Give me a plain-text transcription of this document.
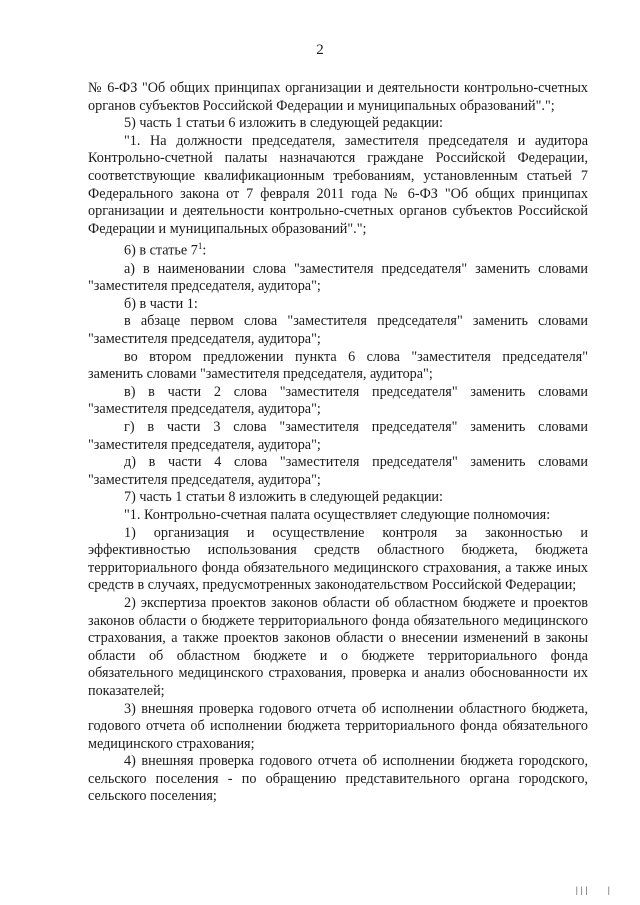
2

№ 6-ФЗ "Об общих принципах организации и деятельности контрольно-счетных органов субъектов Российской Федерации и муниципальных образований".";

5) часть 1 статьи 6 изложить в следующей редакции:

"1. На должности председателя, заместителя председателя и аудитора Контрольно-счетной палаты назначаются граждане Российской Федерации, соответствующие квалификационным требованиям, установленным статьей 7 Федерального закона от 7 февраля 2011 года № 6-ФЗ "Об общих принципах организации и деятельности контрольно-счетных органов субъектов Российской Федерации и муниципальных образований".";

6) в статье $7^1$:

а) в наименовании слова "заместителя председателя" заменить словами "заместителя председателя, аудитора";

б) в части 1:

в абзаце первом слова "заместителя председателя" заменить словами "заместителя председателя, аудитора";

во втором предложении пункта 6 слова "заместителя председателя" заменить словами "заместителя председателя, аудитора";

в) в части 2 слова "заместителя председателя" заменить словами "заместителя председателя, аудитора";

г) в части 3 слова "заместителя председателя" заменить словами "заместителя председателя, аудитора";

д) в части 4 слова "заместителя председателя" заменить словами "заместителя председателя, аудитора";

7) часть 1 статьи 8 изложить в следующей редакции:

"1. Контрольно-счетная палата осуществляет следующие полномочия:

1) организация и осуществление контроля за законностью и эффективностью использования средств областного бюджета, бюджета территориального фонда обязательного медицинского страхования, а также иных средств в случаях, предусмотренных законодательством Российской Федерации;

2) экспертиза проектов законов области об областном бюджете и проектов законов области о бюджете территориального фонда обязательного медицинского страхования, а также проектов законов области о внесении изменений в законы области об областном бюджете и о бюджете территориального фонда обязательного медицинского страхования, проверка и анализ обоснованности их показателей;

3) внешняя проверка годового отчета об исполнении областного бюджета, годового отчета об исполнении бюджета территориального фонда обязательного медицинского страхования;

4) внешняя проверка годового отчета об исполнении бюджета городского, сельского поселения - по обращению представительного органа городского, сельского поселения;

| | | |
